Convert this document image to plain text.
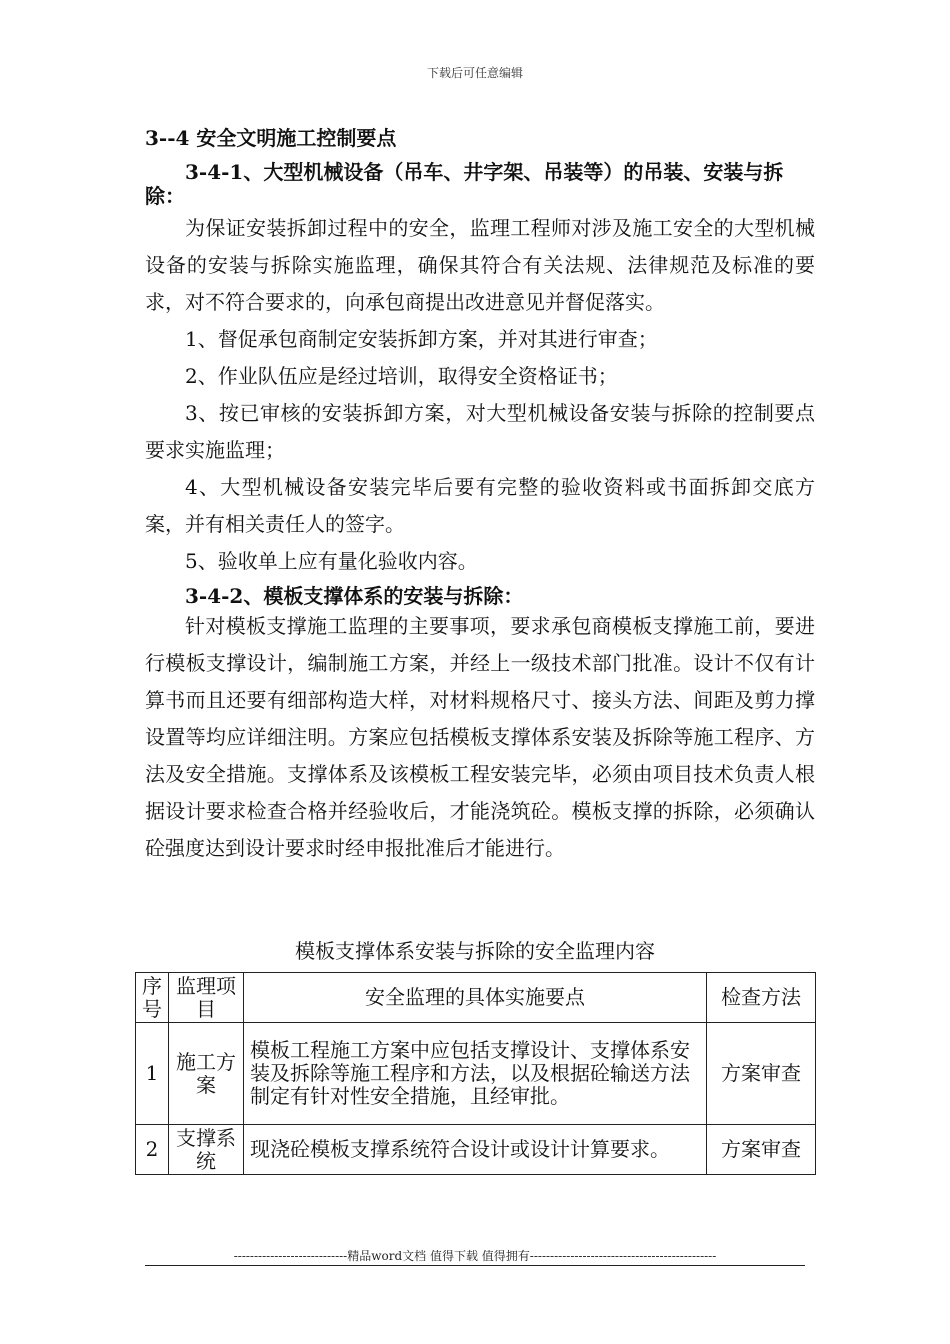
下载后可任意编辑
3--4 安全文明施工控制要点
3-4-1、大型机械设备（吊车、井字架、吊装等）的吊装、安装与拆除：
为保证安装拆卸过程中的安全，监理工程师对涉及施工安全的大型机械设备的安装与拆除实施监理，确保其符合有关法规、法律规范及标准的要求，对不符合要求的，向承包商提出改进意见并督促落实。
1、督促承包商制定安装拆卸方案，并对其进行审查；
2、作业队伍应是经过培训，取得安全资格证书；
3、按已审核的安装拆卸方案，对大型机械设备安装与拆除的控制要点要求实施监理；
4、大型机械设备安装完毕后要有完整的验收资料或书面拆卸交底方案，并有相关责任人的签字。
5、验收单上应有量化验收内容。
3-4-2、模板支撑体系的安装与拆除：
针对模板支撑施工监理的主要事项，要求承包商模板支撑施工前，要进行模板支撑设计，编制施工方案，并经上一级技术部门批准。设计不仅有计算书而且还要有细部构造大样，对材料规格尺寸、接头方法、间距及剪力撑设置等均应详细注明。方案应包括模板支撑体系安装及拆除等施工程序、方法及安全措施。支撑体系及该模板工程安装完毕，必须由项目技术负责人根据设计要求检查合格并经验收后，才能浇筑砼。模板支撑的拆除，必须确认砼强度达到设计要求时经申报批准后才能进行。
模板支撑体系安装与拆除的安全监理内容
序号	监理项目	安全监理的具体实施要点	检查方法
1	施工方案	模板工程施工方案中应包括支撑设计、支撑体系安装及拆除等施工程序和方法，以及根据砼输送方法制定有针对性安全措施，且经审批。	方案审查
2	支撑系统	现浇砼模板支撑系统符合设计或设计计算要求。	方案审查
----------------------------精品word文档 值得下载 值得拥有----------------------------------------------
